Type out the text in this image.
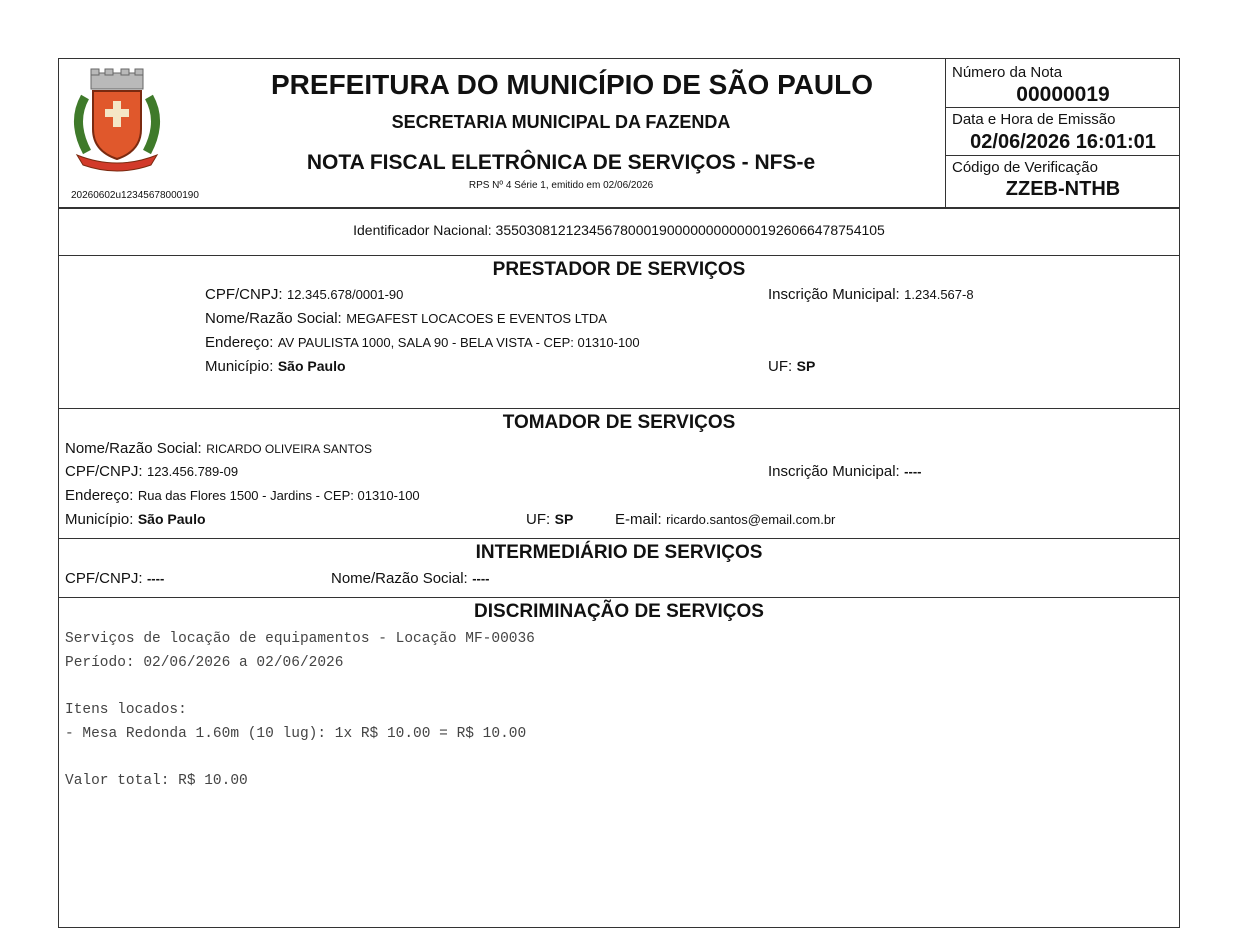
20260602u12345678000190
PREFEITURA DO MUNICÍPIO DE SÃO PAULO
SECRETARIA MUNICIPAL DA FAZENDA
NOTA FISCAL ELETRÔNICA DE SERVIÇOS - NFS-e
RPS Nº 4 Série 1, emitido em 02/06/2026
Número da Nota
00000019
Data e Hora de Emissão
02/06/2026 16:01:01
Código de Verificação
ZZEB-NTHB
Identificador Nacional: 35503081212345678000190000000000001926066478754105
PRESTADOR DE SERVIÇOS
CPF/CNPJ: 12.345.678/0001-90	Inscrição Municipal: 1.234.567-8
Nome/Razão Social: MEGAFEST LOCACOES E EVENTOS LTDA
Endereço: AV PAULISTA 1000, SALA 90 - BELA VISTA - CEP: 01310-100
Município: São Paulo	UF: SP
TOMADOR DE SERVIÇOS
Nome/Razão Social: RICARDO OLIVEIRA SANTOS
CPF/CNPJ: 123.456.789-09	Inscrição Municipal: ----
Endereço: Rua das Flores 1500 - Jardins - CEP: 01310-100
Município: São Paulo	UF: SP	E-mail: ricardo.santos@email.com.br
INTERMEDIÁRIO DE SERVIÇOS
CPF/CNPJ: ----	Nome/Razão Social: ----
DISCRIMINAÇÃO DE SERVIÇOS
Serviços de locação de equipamentos - Locação MF-00036
Período: 02/06/2026 a 02/06/2026
Itens locados:
- Mesa Redonda 1.60m (10 lug): 1x R$ 10.00 = R$ 10.00
Valor total: R$ 10.00
